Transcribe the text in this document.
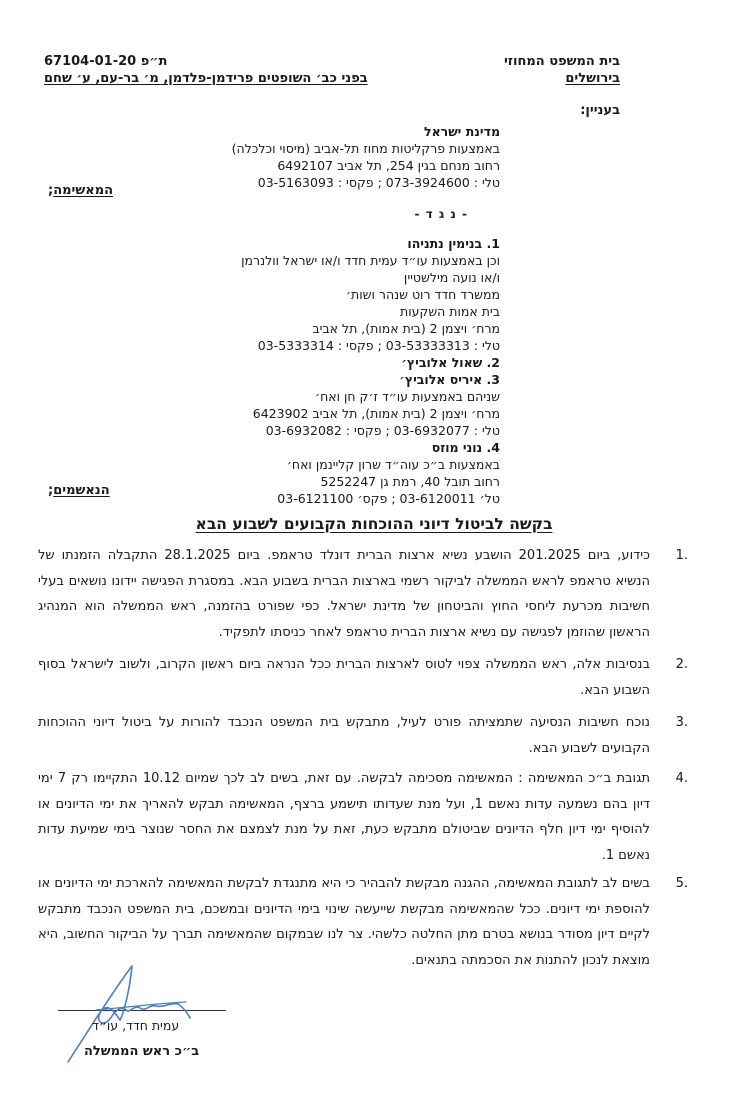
בית המשפט המחוזי
בירושלים
ת״פ 67104-01-20
בפני כב׳ השופטים פרידמן-פלדמן, מ׳ בר-עם, ע׳ שחם
בעניין:
מדינת ישראל
באמצעות פרקליטות מחוז תל-אביב (מיסוי וכלכלה)
רחוב מנחם בגין 254, תל אביב 6492107
טלי : 073-3924600 ; פקסי : 03-5163093
המאשימה;
- נ ג ד -
1. בנימין נתניהו
וכן באמצעות עו״ד עמית חדד ו/או ישראל וולנרמן
ו/או נועה מילשטיין
ממשרד חדד רוט שנהר ושות׳
בית אמות השקעות
מרח׳ ויצמן 2 (בית אמות), תל אביב
טלי : 03-53333313 ; פקסי : 03-5333314
2. שאול אלוביץ׳
3. איריס אלוביץ׳
שניהם באמצעות עו״ד ז׳ק חן ואח׳
מרח׳ ויצמן 2 (בית אמות), תל אביב 6423902
טלי : 03-6932077 ; פקסי : 03-6932082
4. נוני מוזס
באמצעות ב״כ עוה״ד שרון קליינמן ואח׳
רחוב תובל 40, רמת גן 5252247
טל׳ 03-6120011 ; פקס׳ 03-6121100
הנאשמים;
בקשה לביטול דיוני ההוכחות הקבועים לשבוע הבא
.1
כידוע, ביום 201.2025 הושבע נשיא ארצות הברית דונלד טראמפ. ביום 28.1.2025 התקבלה הזמנתו של הנשיא טראמפ לראש הממשלה לביקור רשמי בארצות הברית בשבוע הבא. במסגרת הפגישה יידונו נושאים בעלי חשיבות מכרעת ליחסי החוץ והביטחון של מדינת ישראל. כפי שפורט בהזמנה, ראש הממשלה הוא המנהיג הראשון שהוזמן לפגישה עם נשיא ארצות הברית טראמפ לאחר כניסתו לתפקיד.
.2
בנסיבות אלה, ראש הממשלה צפוי לטוס לארצות הברית ככל הנראה ביום ראשון הקרוב, ולשוב לישראל בסוף השבוע הבא.
.3
נוכח חשיבות הנסיעה שתמציתה פורט לעיל, מתבקש בית המשפט הנכבד להורות על ביטול דיוני ההוכחות הקבועים לשבוע הבא.
.4
תגובת ב״כ המאשימה : המאשימה מסכימה לבקשה. עם זאת, בשים לב לכך שמיום 10.12 התקיימו רק 7 ימי דיון בהם נשמעה עדות נאשם 1, ועל מנת שעדותו תישמע ברצף, המאשימה תבקש להאריך את ימי הדיונים או להוסיף ימי דיון חלף הדיונים שביטולם מתבקש כעת, זאת על מנת לצמצם את החסר שנוצר בימי שמיעת עדות נאשם 1.
.5
בשים לב לתגובת המאשימה, ההגנה מבקשת להבהיר כי היא מתנגדת לבקשת המאשימה להארכת ימי הדיונים או להוספת ימי דיונים. ככל שהמאשימה מבקשת שייעשה שינוי בימי הדיונים ובמשכם, בית המשפט הנכבד מתבקש לקיים דיון מסודר בנושא בטרם מתן החלטה כלשהי. צר לנו שבמקום שהמאשימה תברך על הביקור החשוב, היא מוצאת לנכון להתנות את הסכמתה בתנאים.
עמית חדד, עו״ד
ב״כ ראש הממשלה
